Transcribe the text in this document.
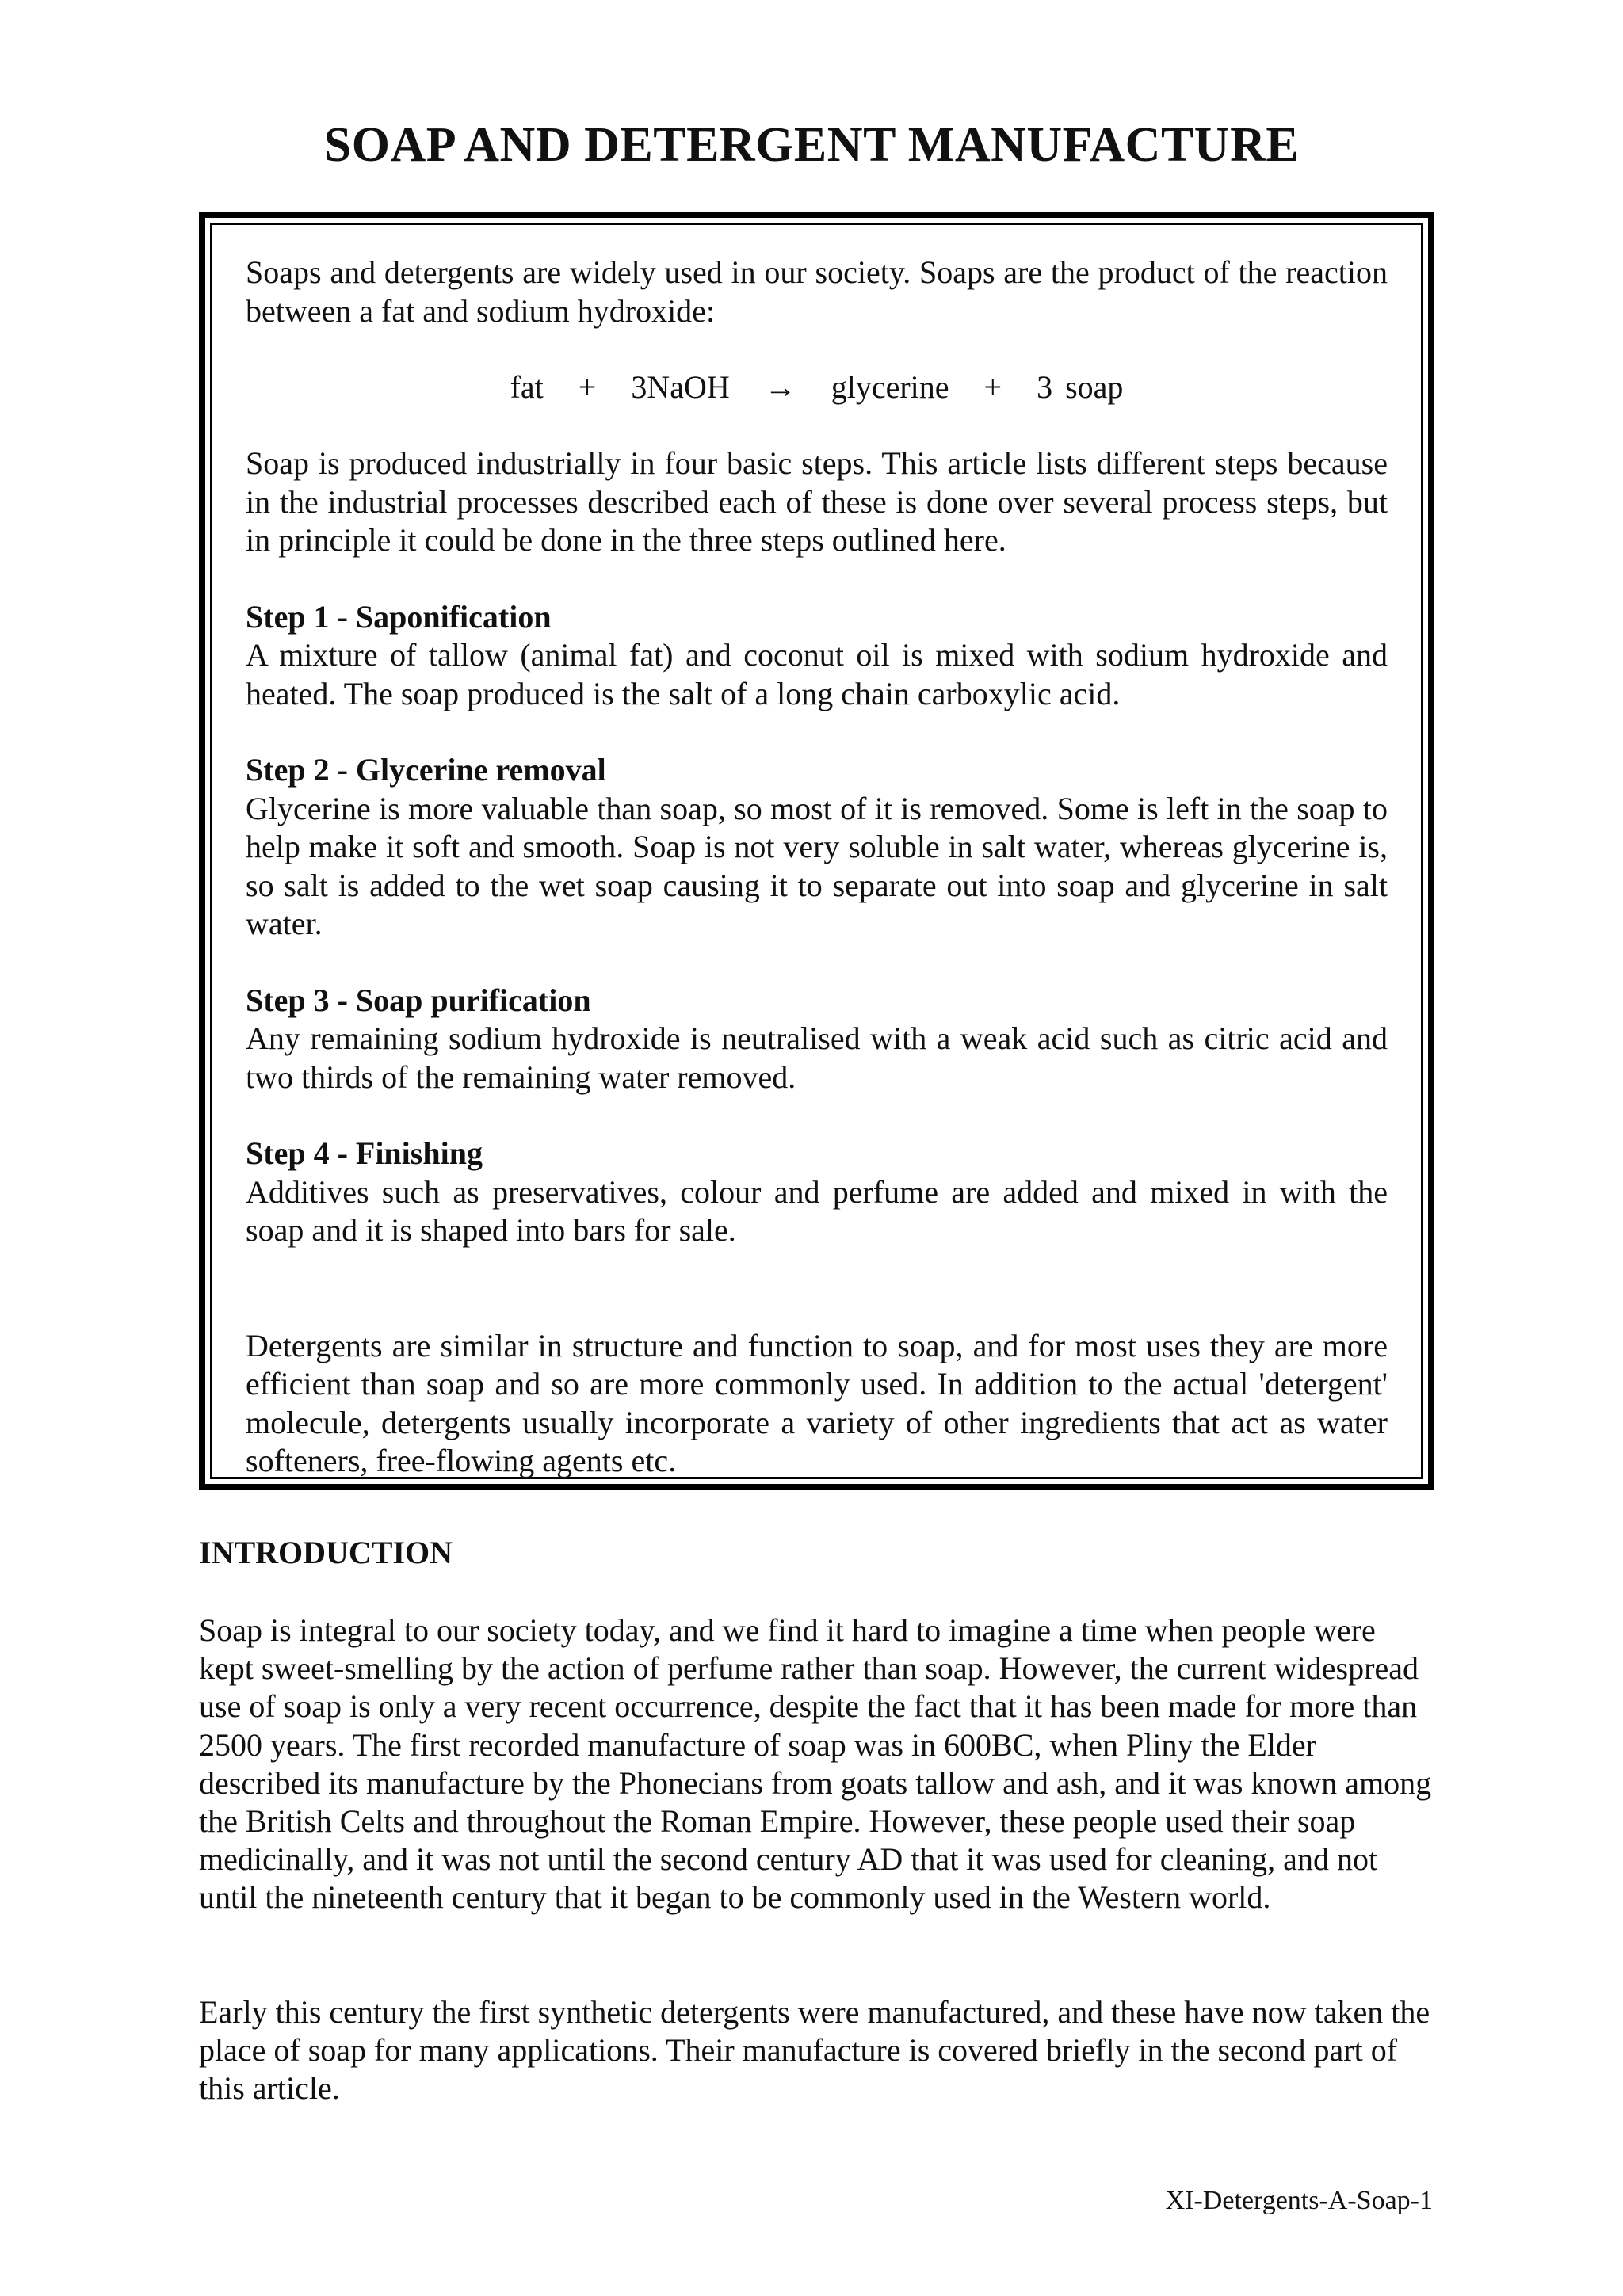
SOAP AND DETERGENT MANUFACTURE

Soaps and detergents are widely used in our society. Soaps are the product of the reaction between a fat and sodium hydroxide:

fat + 3NaOH → glycerine + 3 soap

Soap is produced industrially in four basic steps. This article lists different steps because in the industrial processes described each of these is done over several process steps, but in principle it could be done in the three steps outlined here.

Step 1 - Saponification

A mixture of tallow (animal fat) and coconut oil is mixed with sodium hydroxide and heated. The soap produced is the salt of a long chain carboxylic acid.

Step 2 - Glycerine removal

Glycerine is more valuable than soap, so most of it is removed. Some is left in the soap to help make it soft and smooth. Soap is not very soluble in salt water, whereas glycerine is, so salt is added to the wet soap causing it to separate out into soap and glycerine in salt water.

Step 3 - Soap purification

Any remaining sodium hydroxide is neutralised with a weak acid such as citric acid and two thirds of the remaining water removed.

Step 4 - Finishing

Additives such as preservatives, colour and perfume are added and mixed in with the soap and it is shaped into bars for sale.

Detergents are similar in structure and function to soap, and for most uses they are more efficient than soap and so are more commonly used. In addition to the actual 'detergent' molecule, detergents usually incorporate a variety of other ingredients that act as water softeners, free-flowing agents etc.

INTRODUCTION

Soap is integral to our society today, and we find it hard to imagine a time when people were kept sweet-smelling by the action of perfume rather than soap. However, the current widespread use of soap is only a very recent occurrence, despite the fact that it has been made for more than 2500 years. The first recorded manufacture of soap was in 600BC, when Pliny the Elder described its manufacture by the Phonecians from goats tallow and ash, and it was known among the British Celts and throughout the Roman Empire. However, these people used their soap medicinally, and it was not until the second century AD that it was used for cleaning, and not until the nineteenth century that it began to be commonly used in the Western world.

Early this century the first synthetic detergents were manufactured, and these have now taken the place of soap for many applications. Their manufacture is covered briefly in the second part of this article.

XI-Detergents-A-Soap-1
